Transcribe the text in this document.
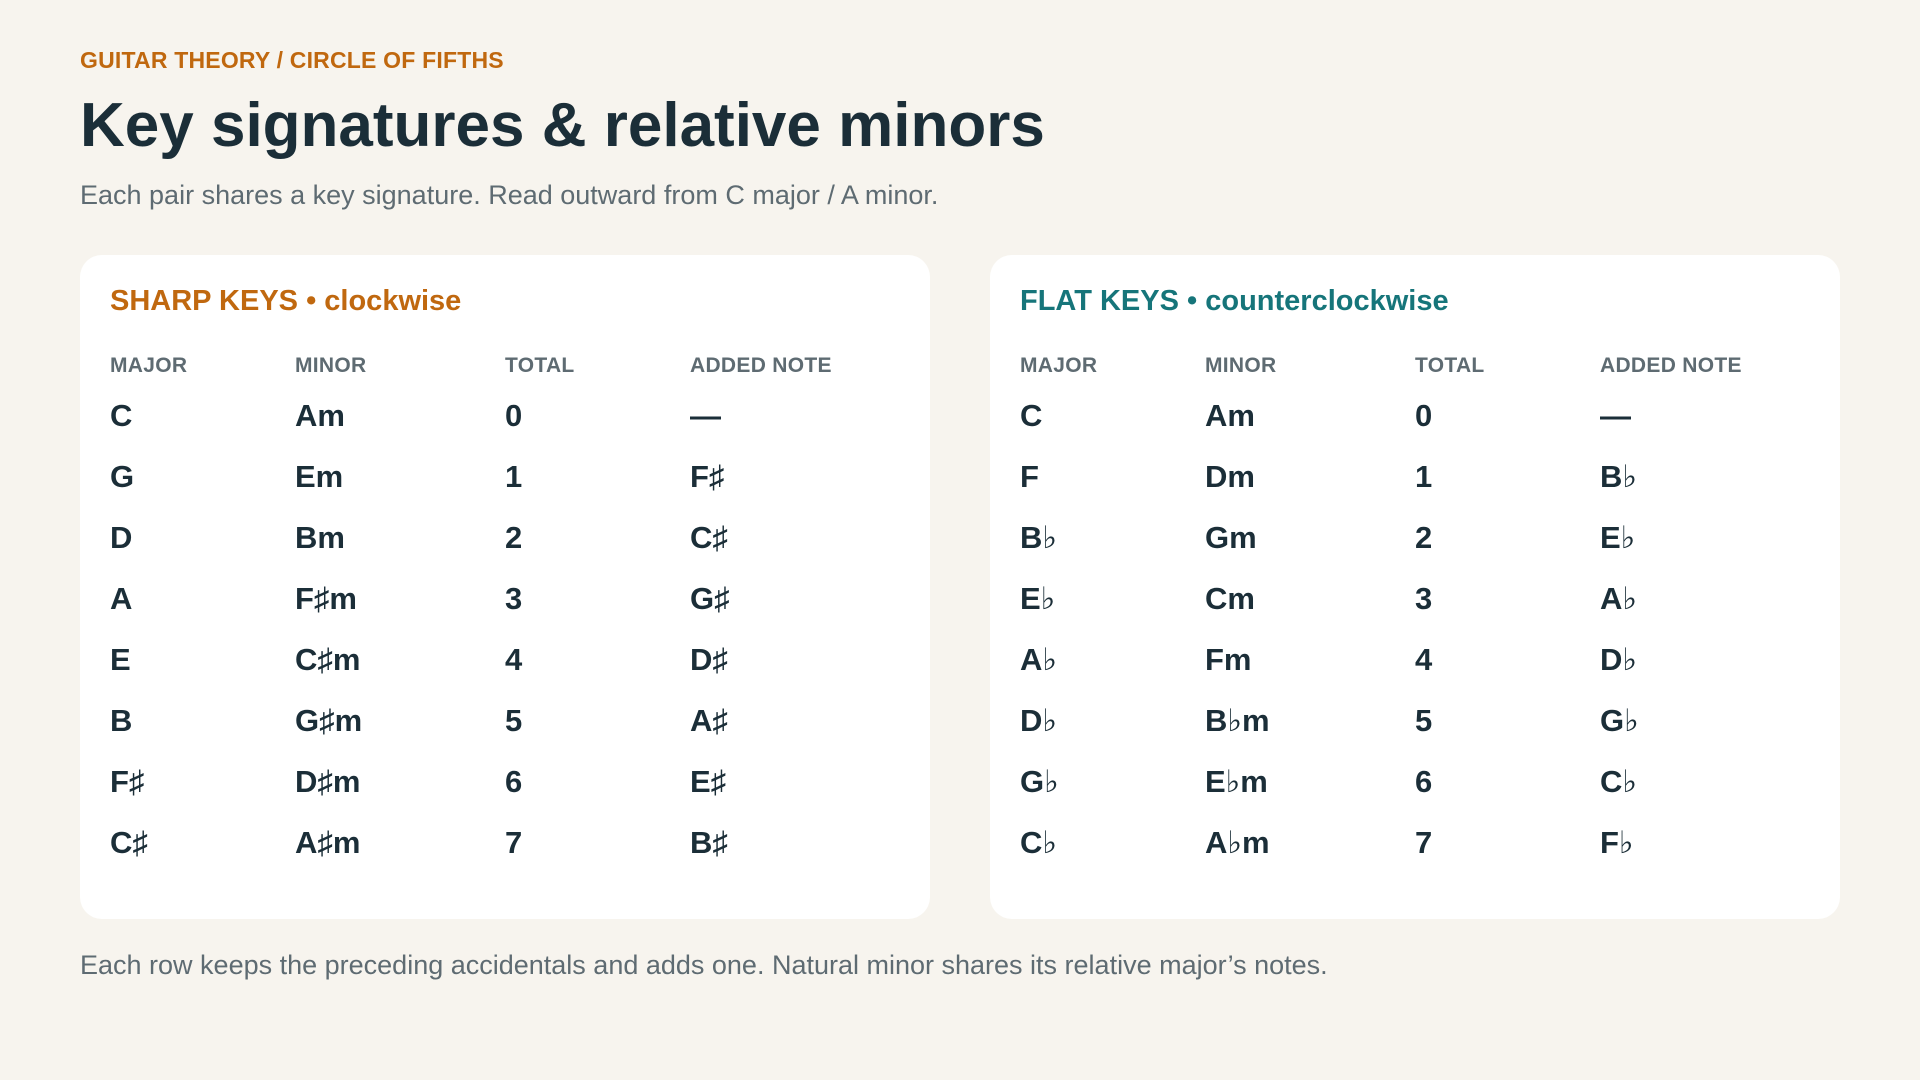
GUITAR THEORY / CIRCLE OF FIFTHS
Key signatures & relative minors
Each pair shares a key signature. Read outward from C major / A minor.
SHARP KEYS • clockwise
MAJOR	MINOR	TOTAL	ADDED NOTE
C	Am	0	—
G	Em	1	F♯
D	Bm	2	C♯
A	F♯m	3	G♯
E	C♯m	4	D♯
B	G♯m	5	A♯
F♯	D♯m	6	E♯
C♯	A♯m	7	B♯
FLAT KEYS • counterclockwise
MAJOR	MINOR	TOTAL	ADDED NOTE
C	Am	0	—
F	Dm	1	B♭
B♭	Gm	2	E♭
E♭	Cm	3	A♭
A♭	Fm	4	D♭
D♭	B♭m	5	G♭
G♭	E♭m	6	C♭
C♭	A♭m	7	F♭
Each row keeps the preceding accidentals and adds one. Natural minor shares its relative major’s notes.
